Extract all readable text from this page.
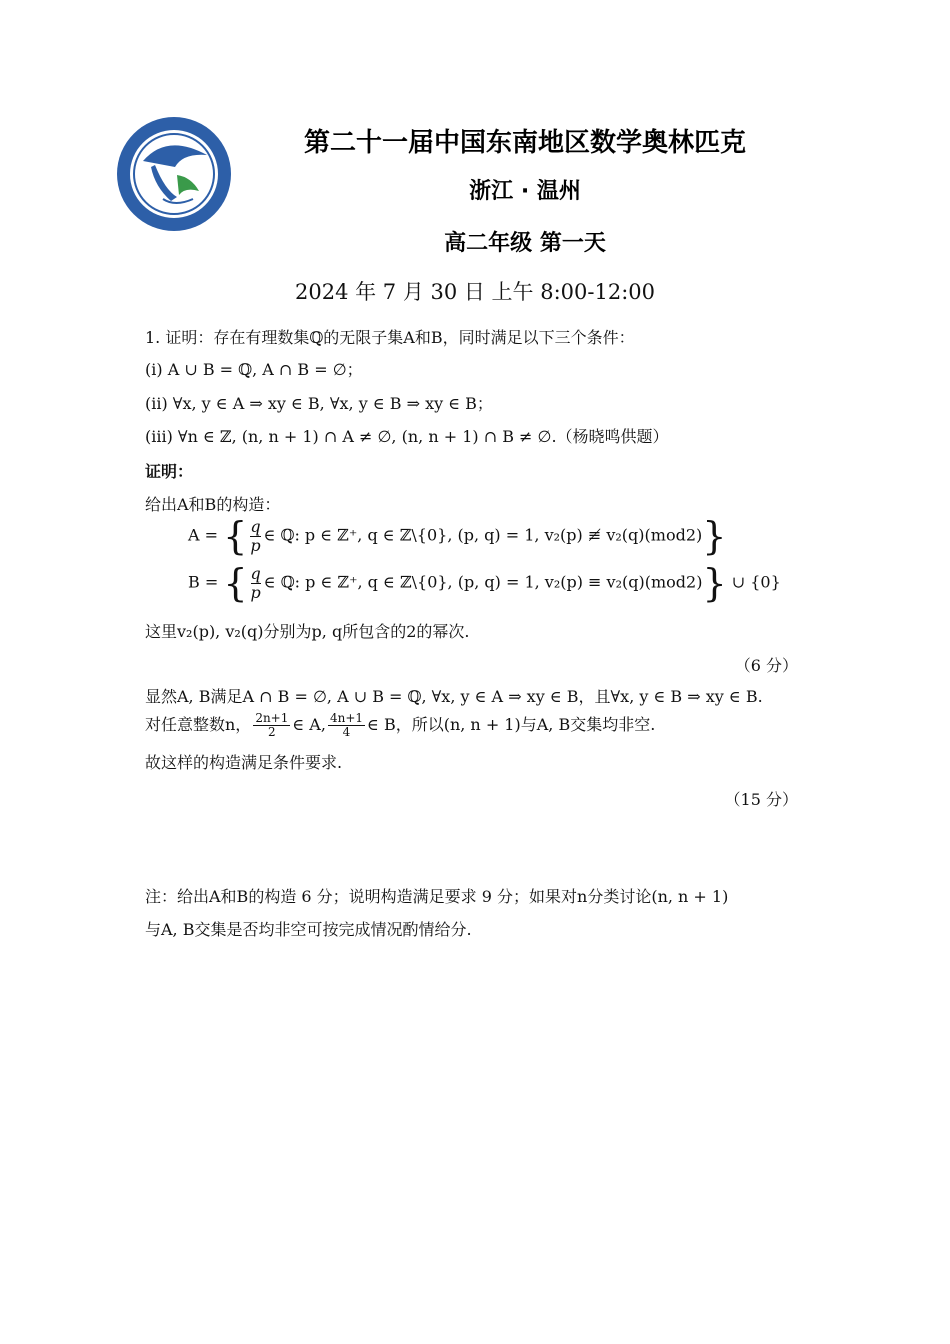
第二十一届中国东南地区数学奥林匹克
浙江 · 温州
高二年级 第一天
2024 年 7 月 30 日 上午 8:00-12:00
1. 证明：存在有理数集ℚ的无限子集A和B，同时满足以下三个条件：
(i) A ∪ B = ℚ, A ∩ B = ∅；
(ii) ∀x, y ∈ A ⇒ xy ∈ B, ∀x, y ∈ B ⇒ xy ∈ B；
(iii) ∀n ∈ ℤ, (n, n + 1) ∩ A ≠ ∅, (n, n + 1) ∩ B ≠ ∅.（杨晓鸣供题）
证明：
给出A和B的构造：
A = { $\frac{q}{p}$ ∈ ℚ: p ∈ ℤ⁺, q ∈ ℤ\{0}, (p, q) = 1, v₂(p) ≢ v₂(q)(mod2)}
B = { $\frac{q}{p}$ ∈ ℚ: p ∈ ℤ⁺, q ∈ ℤ\{0}, (p, q) = 1, v₂(p) ≡ v₂(q)(mod2)} ∪ {0}
这里v₂(p), v₂(q)分别为p, q所包含的2的幂次.
（6 分）
显然A, B满足A ∩ B = ∅, A ∪ B = ℚ, ∀x, y ∈ A ⇒ xy ∈ B，且∀x, y ∈ B ⇒ xy ∈ B.
对任意整数n， $\frac{2n+1}{2}$ ∈ A, $\frac{4n+1}{4}$ ∈ B，所以(n, n + 1)与A, B交集均非空.
故这样的构造满足条件要求.
（15 分）
注：给出A和B的构造 6 分；说明构造满足要求 9 分；如果对n分类讨论(n, n + 1)
与A, B交集是否均非空可按完成情况酌情给分.
